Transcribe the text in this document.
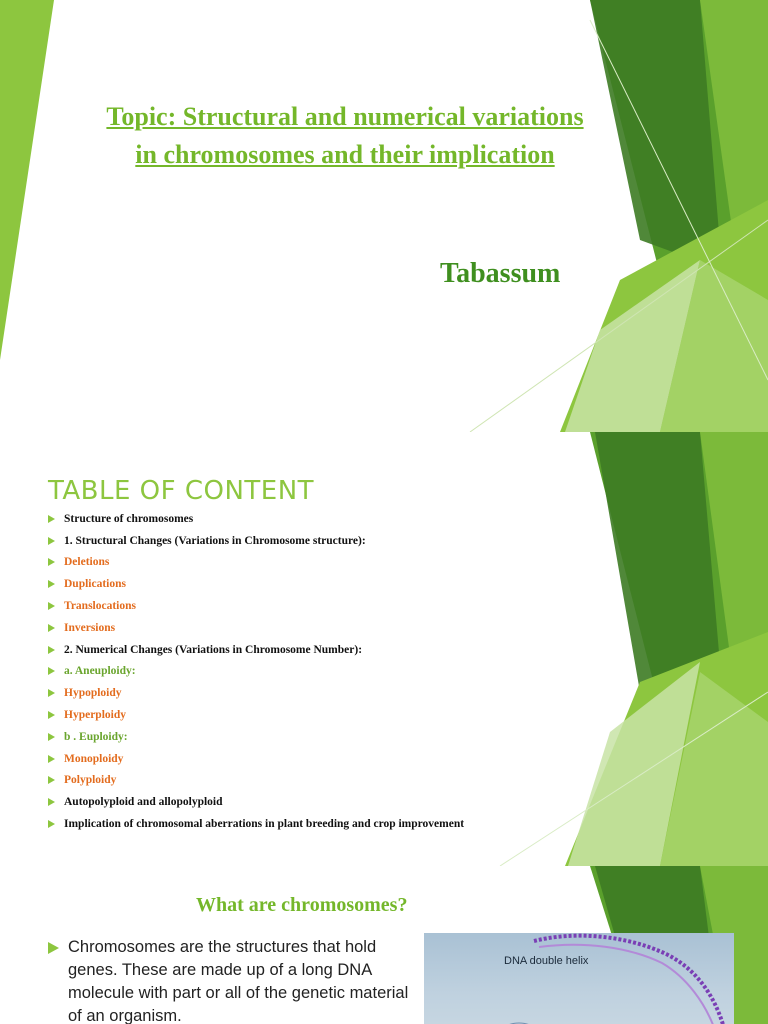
Topic: Structural and numerical variations in chromosomes and their implication
Tabassum
TABLE OF CONTENT
Structure of chromosomes
1. Structural Changes (Variations in Chromosome structure):
Deletions
Duplications
Translocations
Inversions
2. Numerical Changes (Variations in Chromosome Number):
a. Aneuploidy:
Hypoploidy
Hyperploidy
b . Euploidy:
Monoploidy
Polyploidy
Autopolyploid and allopolyploid
Implication of chromosomal aberrations in plant breeding and crop improvement
What are chromosomes?
Chromosomes are the structures that hold genes. These are made up of a long DNA molecule with part or all of the genetic material of an organism.
DNA double helix
